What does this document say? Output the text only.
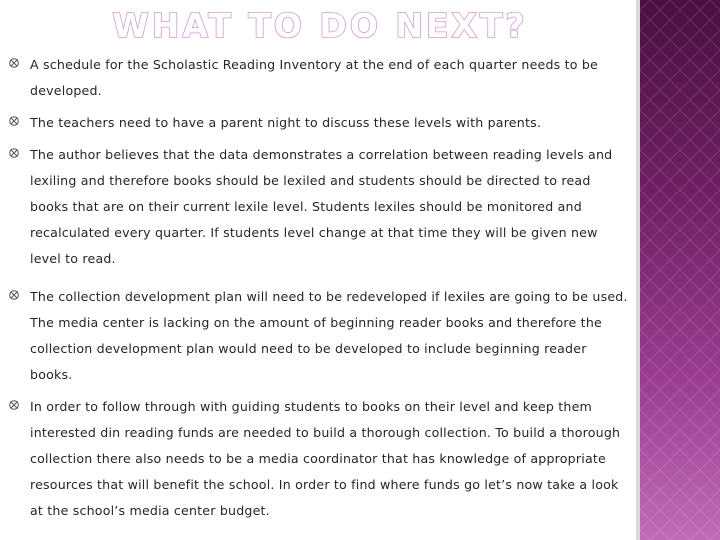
WHAT TO DO NEXT?
A schedule for the Scholastic Reading Inventory at the end of each quarter needs to be developed.
The teachers need to have a parent night to discuss these levels with parents.
The author believes that the data demonstrates a correlation between reading levels and lexiling and therefore books should be lexiled and students should be directed to read books that are on their current lexile level. Students lexiles should be monitored and recalculated every quarter. If students level change at that time they will be given new level to read.
The collection development plan will need to be redeveloped if lexiles are going to be used. The media center is lacking on the amount of beginning reader books and therefore the collection development plan would need to be developed to include beginning reader books.
In order to follow through with guiding students to books on their level and keep them interested din reading funds are needed to build a thorough collection. To build a thorough collection there also needs to be a media coordinator that has knowledge of appropriate resources that will benefit the school. In order to find where funds go let’s now take a look at the school’s media center budget.
